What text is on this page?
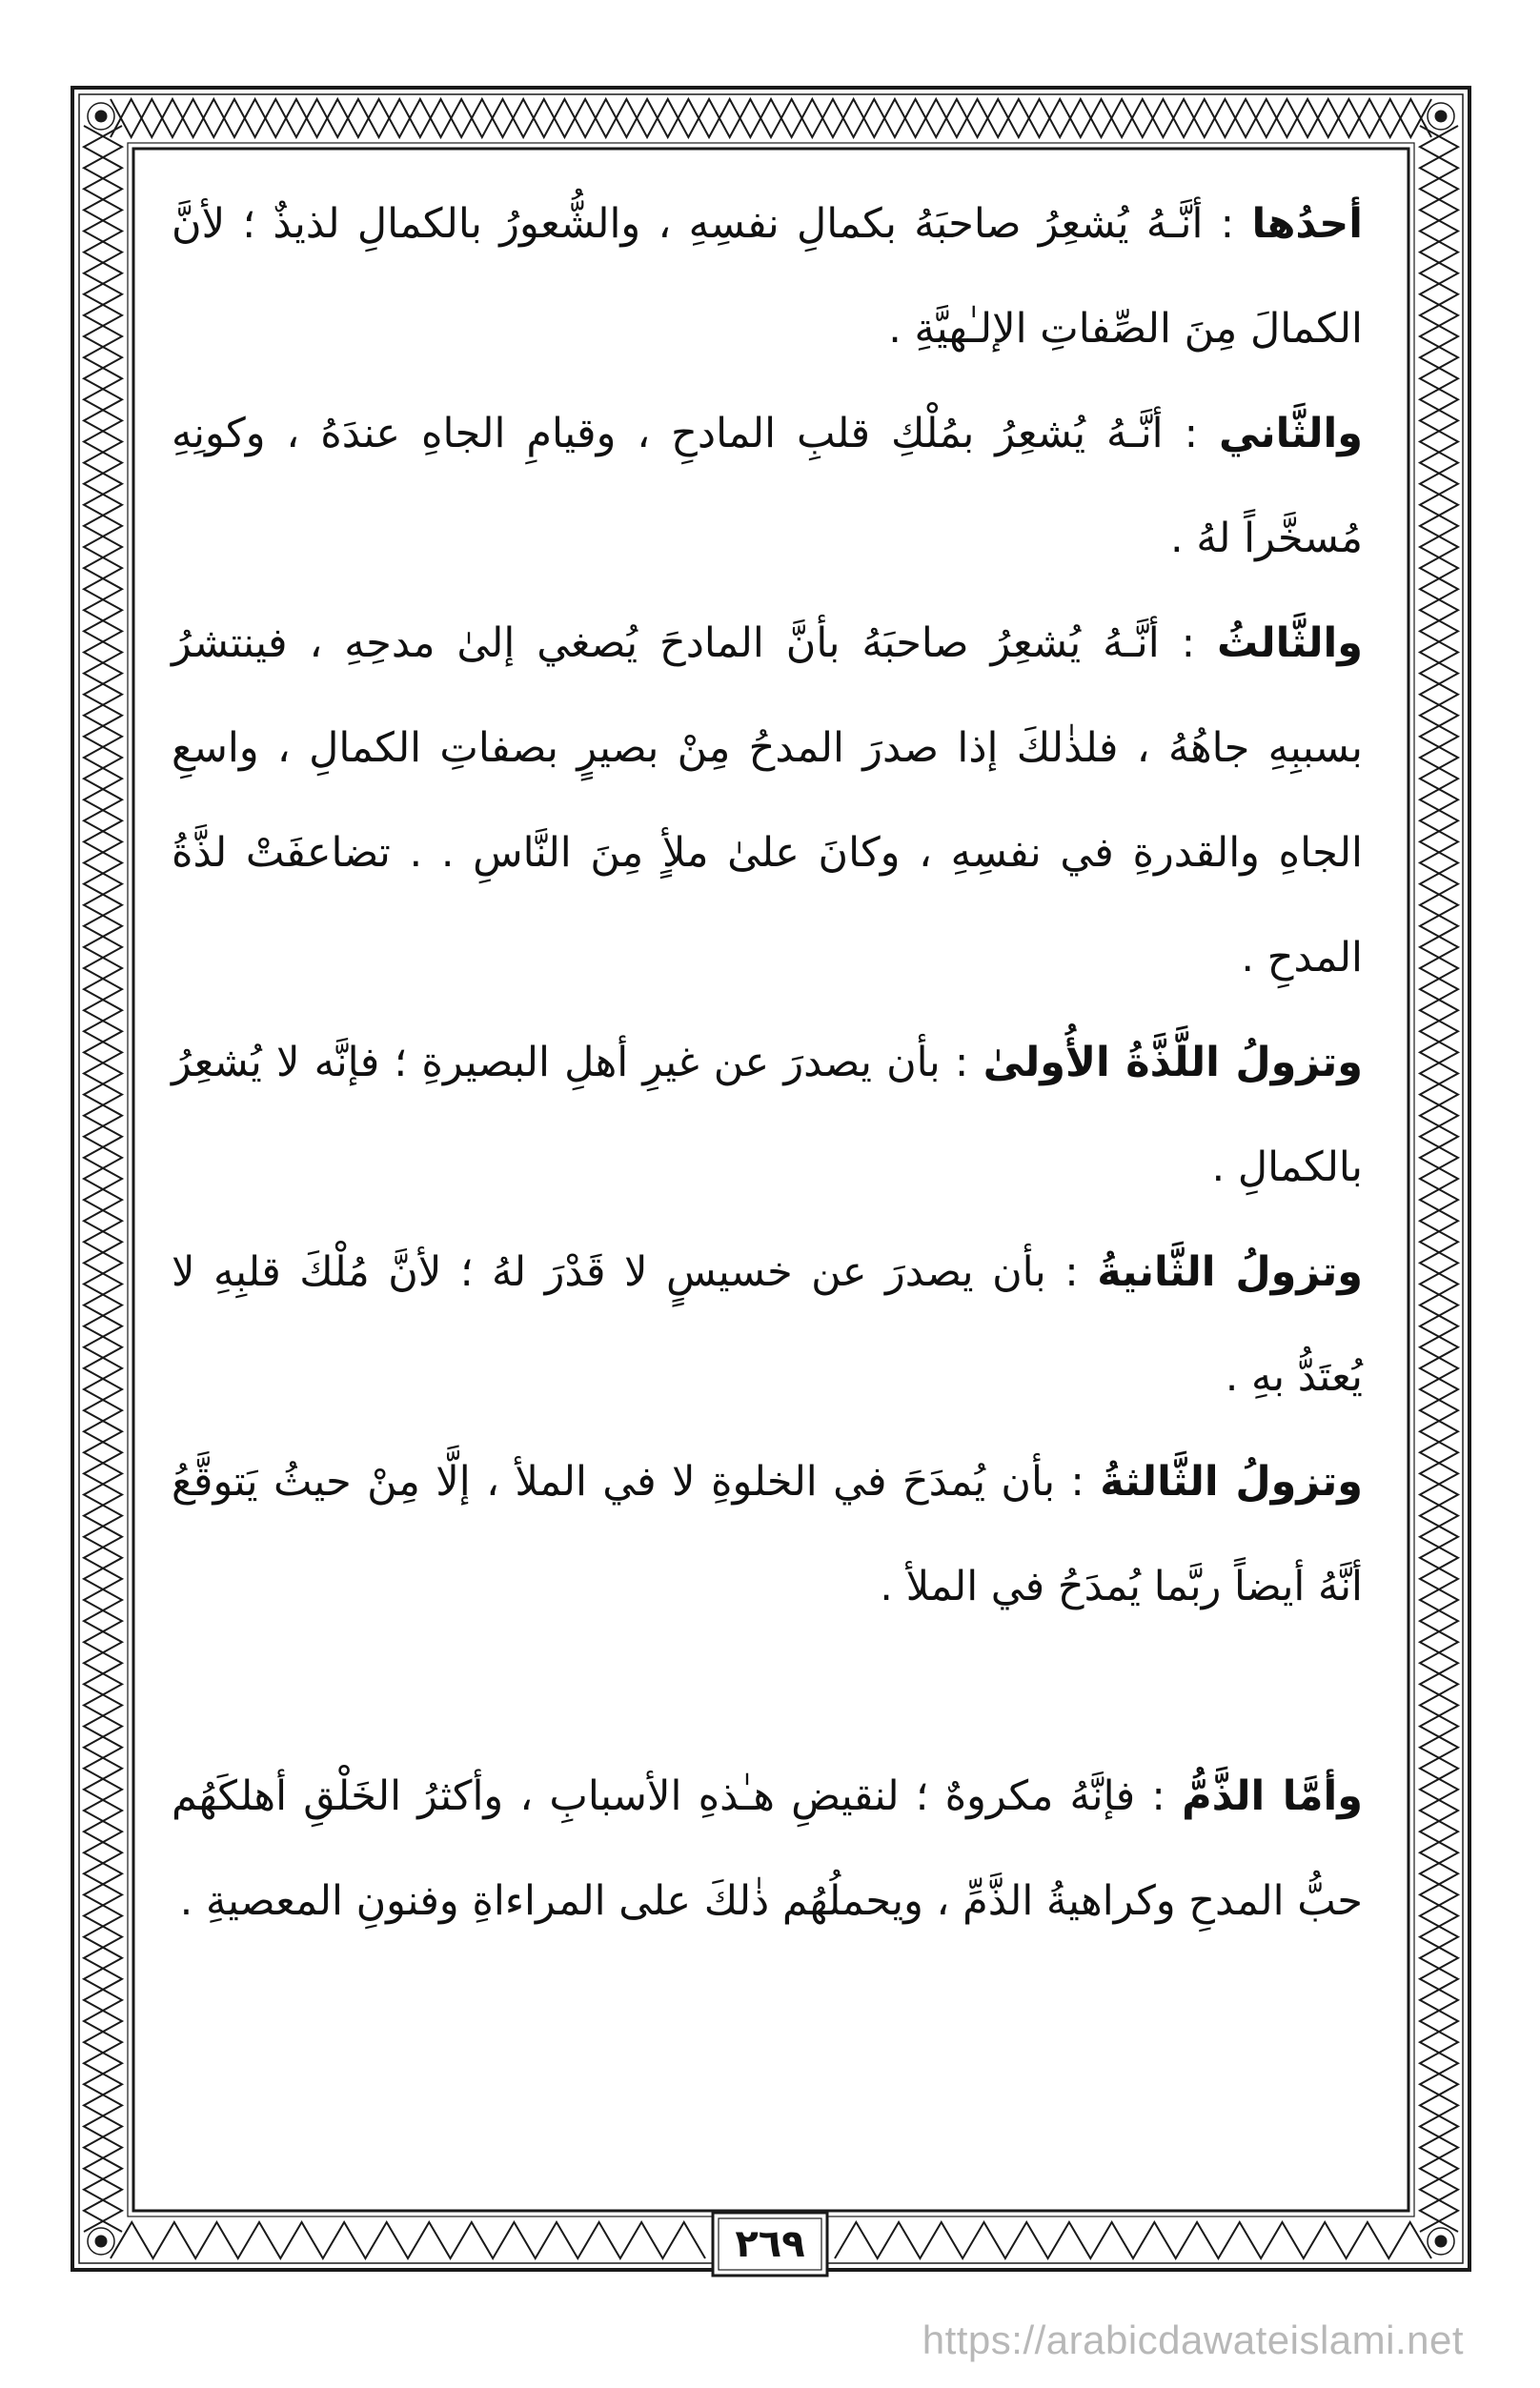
أحدُها : أنَّـهُ يُشعِرُ صاحبَهُ بكمالِ نفسِهِ ، والشُّعورُ بالكمالِ لذيذٌ ؛ لأنَّ الكمالَ مِنَ الصِّفاتِ الإلـٰهيَّةِ .

والثَّاني : أنَّـهُ يُشعِرُ بمُلْكِ قلبِ المادحِ ، وقيامِ الجاهِ عندَهُ ، وكونِهِ مُسخَّراً لهُ .

والثَّالثُ : أنَّـهُ يُشعِرُ صاحبَهُ بأنَّ المادحَ يُصغي إلىٰ مدحِهِ ، فينتشرُ بسببِهِ جاهُهُ ، فلذٰلكَ إذا صدرَ المدحُ مِنْ بصيرٍ بصفاتِ الكمالِ ، واسعِ الجاهِ والقدرةِ في نفسِهِ ، وكانَ علىٰ ملأٍ مِنَ النَّاسِ . . تضاعفَتْ لذَّةُ المدحِ .

وتزولُ اللَّذَّةُ الأُولىٰ : بأن يصدرَ عن غيرِ أهلِ البصيرةِ ؛ فإنَّه لا يُشعِرُ بالكمالِ .

وتزولُ الثَّانيةُ : بأن يصدرَ عن خسيسٍ لا قَدْرَ لهُ ؛ لأنَّ مُلْكَ قلبِهِ لا يُعتَدُّ بهِ .

وتزولُ الثَّالثةُ : بأن يُمدَحَ في الخلوةِ لا في الملأ ، إلَّا مِنْ حيثُ يَتوقَّعُ أنَّهُ أيضاً ربَّما يُمدَحُ في الملأ .

وأمَّا الذَّمُّ : فإنَّهُ مكروهٌ ؛ لنقيضِ هـٰذهِ الأسبابِ ، وأكثرُ الخَلْقِ أهلكَهُم حبُّ المدحِ وكراهيةُ الذَّمِّ ، ويحملُهُم ذٰلكَ على المراءاةِ وفنونِ المعصيةِ .

٢٦٩
https://arabicdawateislami.net
